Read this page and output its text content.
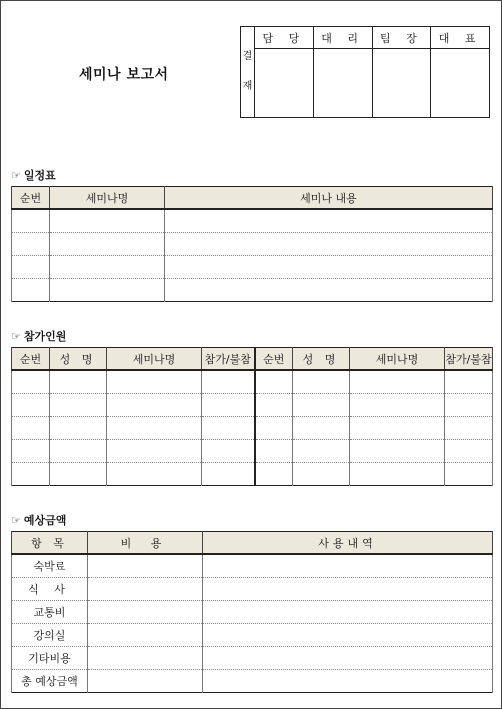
세미나 보고서
결재	담 당	대 리	팀 장	대 표

☞ 일정표
순번	세미나명	세미나 내용

☞ 참가인원
순번	성 명	세미나명	참가/불참	순번	성 명	세미나명	참가/불참

☞ 예상금액
항 목	비 용	사용내역
숙박료		
식 사		
교통비		
강의실		
기타비용		
총 예상금액		
